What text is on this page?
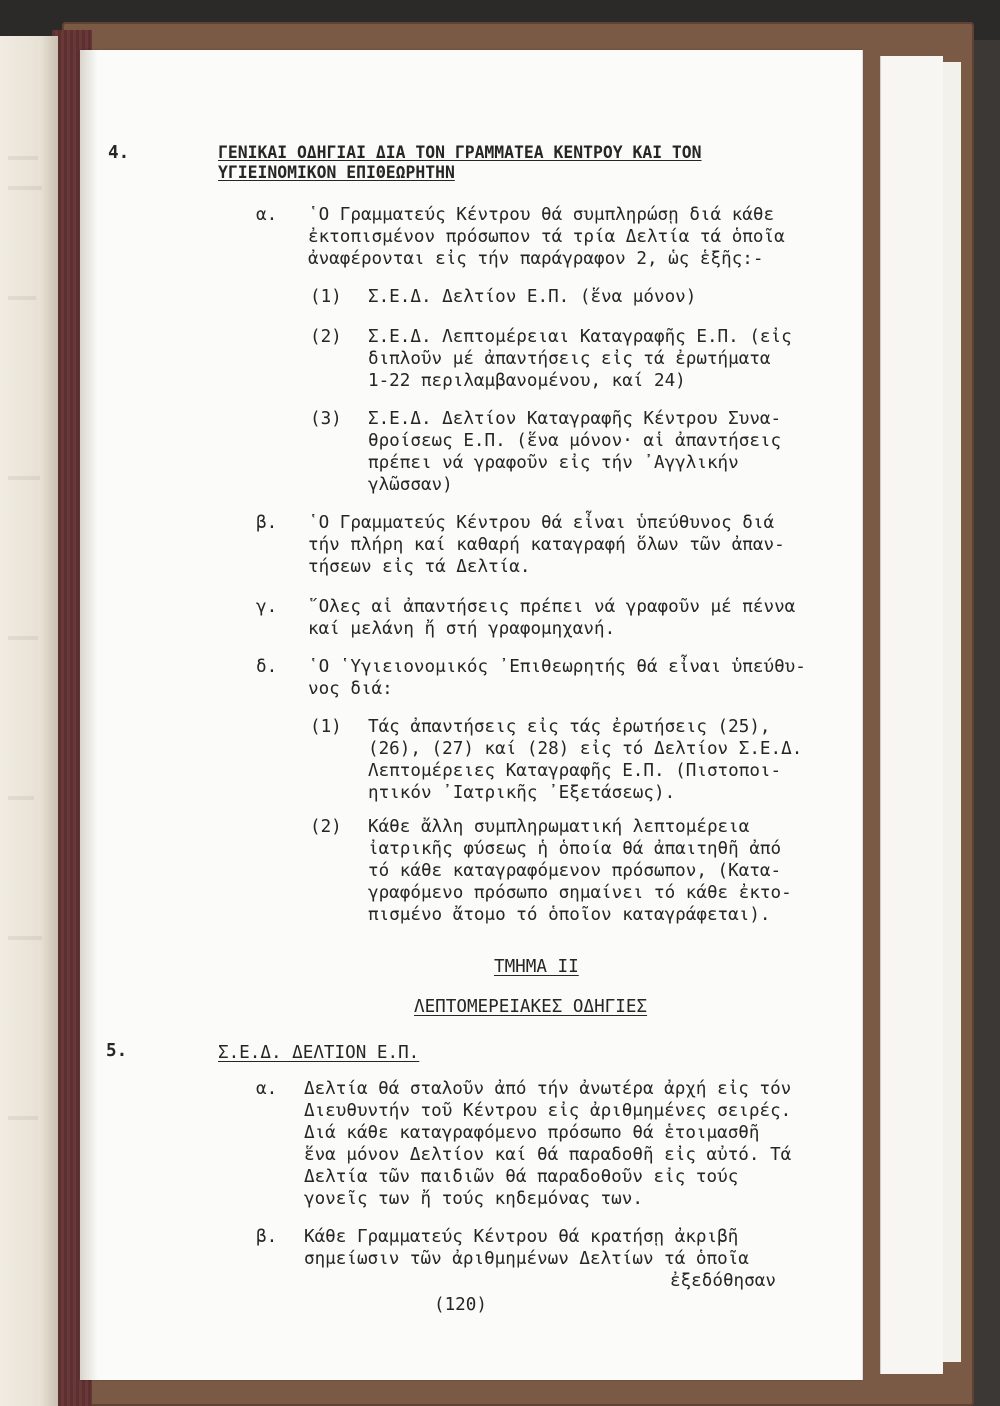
4.	ΓΕΝΙΚΑΙ ΟΔΗΓΙΑΙ ΔΙΑ ΤΟΝ ΓΡΑΜΜΑΤΕΑ ΚΕΝΤΡΟΥ ΚΑΙ ΤΟΝ
ΥΓΙΕΙΝΟΜΙΚΟΝ ΕΠΙΘΕΩΡΗΤΗΝ
α. ῾Ο Γραμματεύς Κέντρου θά συμπληρώσῃ διά κάθε
ἐκτοπισμένον πρόσωπον τά τρία Δελτία τά ὁποῖα
ἀναφέρονται εἰς τήν παράγραφον 2, ὡς ἑξῆς:-
(1) Σ.Ε.Δ. Δελτίον Ε.Π. (ἕνα μόνον)
(2) Σ.Ε.Δ. Λεπτομέρειαι Καταγραφῆς Ε.Π. (εἰς
διπλοῦν μέ ἀπαντήσεις εἰς τά ἐρωτήματα
1-22 περιλαμβανομένου, καί 24)
(3) Σ.Ε.Δ. Δελτίον Καταγραφῆς Κέντρου Συνα-
θροίσεως Ε.Π. (ἕνα μόνον· αἱ ἀπαντήσεις
πρέπει νά γραφοῦν εἰς τήν ᾿Αγγλικήν
γλῶσσαν)
β. ῾Ο Γραμματεύς Κέντρου θά εἶναι ὑπεύθυνος διά
τήν πλήρη καί καθαρή καταγραφή ὅλων τῶν ἀπαν-
τήσεων εἰς τά Δελτία.
γ. ῞Ολες αἱ ἀπαντήσεις πρέπει νά γραφοῦν μέ πέννα
καί μελάνη ἤ στή γραφομηχανή.
δ. ῾Ο ῾Υγιειονομικός ᾿Επιθεωρητής θά εἶναι ὑπεύθυ-
νος διά:
(1) Τάς ἀπαντήσεις εἰς τάς ἐρωτήσεις (25),
(26), (27) καί (28) εἰς τό Δελτίον Σ.Ε.Δ.
Λεπτομέρειες Καταγραφῆς Ε.Π. (Πιστοποι-
ητικόν ᾿Ιατρικῆς ᾿Εξετάσεως).
(2) Κάθε ἄλλη συμπληρωματική λεπτομέρεια
ἰατρικῆς φύσεως ἡ ὁποία θά ἀπαιτηθῆ ἀπό
τό κάθε καταγραφόμενον πρόσωπον, (Κατα-
γραφόμενο πρόσωπο σημαίνει τό κάθε ἐκτο-
πισμένο ἄτομο τό ὁποῖον καταγράφεται).
ΤΜΗΜΑ ΙΙ
ΛΕΠΤΟΜΕΡΕΙΑΚΕΣ ΟΔΗΓΙΕΣ
5.	Σ.Ε.Δ. ΔΕΛΤΙΟΝ Ε.Π.
α. Δελτία θά σταλοῦν ἀπό τήν ἀνωτέρα ἀρχή εἰς τόν
Διευθυντήν τοῦ Κέντρου εἰς ἀριθμημένες σειρές.
Διά κάθε καταγραφόμενο πρόσωπο θά ἑτοιμασθῆ
ἕνα μόνον Δελτίον καί θά παραδοθῆ εἰς αὐτό. Τά
Δελτία τῶν παιδιῶν θά παραδοθοῦν εἰς τούς
γονεῖς των ἤ τούς κηδεμόνας των.
β. Κάθε Γραμματεύς Κέντρου θά κρατήσῃ ἀκριβῆ
σημείωσιν τῶν ἀριθμημένων Δελτίων τά ὁποῖα
ἐξεδόθησαν
(120)
